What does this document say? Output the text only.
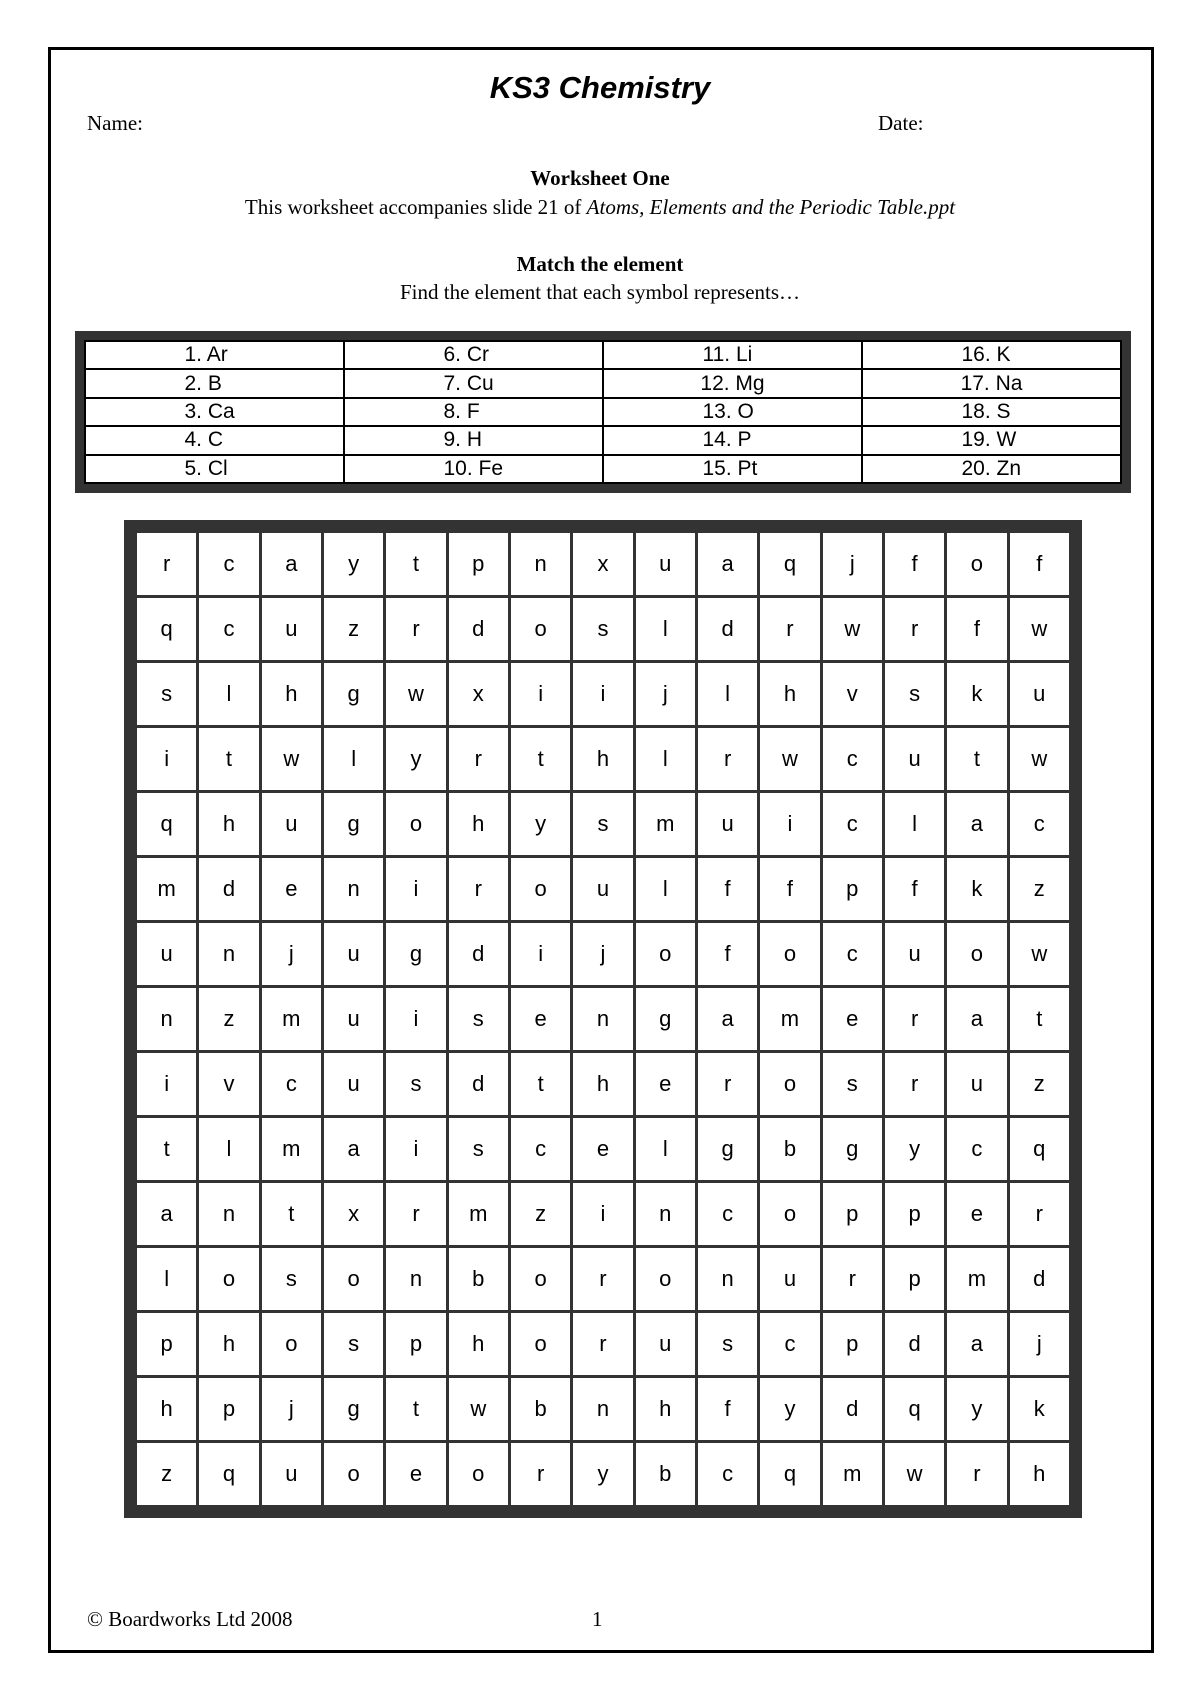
KS3 Chemistry
Name:	Date:
Worksheet One
This worksheet accompanies slide 21 of Atoms, Elements and the Periodic Table.ppt
Match the element
Find the element that each symbol represents…
1. Ar	6. Cr	11. Li	16. K
2. B	7. Cu	12. Mg	17. Na
3. Ca	8. F	13. O	18. S
4. C	9. H	14. P	19. W
5. Cl	10. Fe	15. Pt	20. Zn
r	c	a	y	t	p	n	x	u	a	q	j	f	o	f
q	c	u	z	r	d	o	s	l	d	r	w	r	f	w
s	l	h	g	w	x	i	i	j	l	h	v	s	k	u
i	t	w	l	y	r	t	h	l	r	w	c	u	t	w
q	h	u	g	o	h	y	s	m	u	i	c	l	a	c
m	d	e	n	i	r	o	u	l	f	f	p	f	k	z
u	n	j	u	g	d	i	j	o	f	o	c	u	o	w
n	z	m	u	i	s	e	n	g	a	m	e	r	a	t
i	v	c	u	s	d	t	h	e	r	o	s	r	u	z
t	l	m	a	i	s	c	e	l	g	b	g	y	c	q
a	n	t	x	r	m	z	i	n	c	o	p	p	e	r
l	o	s	o	n	b	o	r	o	n	u	r	p	m	d
p	h	o	s	p	h	o	r	u	s	c	p	d	a	j
h	p	j	g	t	w	b	n	h	f	y	d	q	y	k
z	q	u	o	e	o	r	y	b	c	q	m	w	r	h
© Boardworks Ltd 2008	1
